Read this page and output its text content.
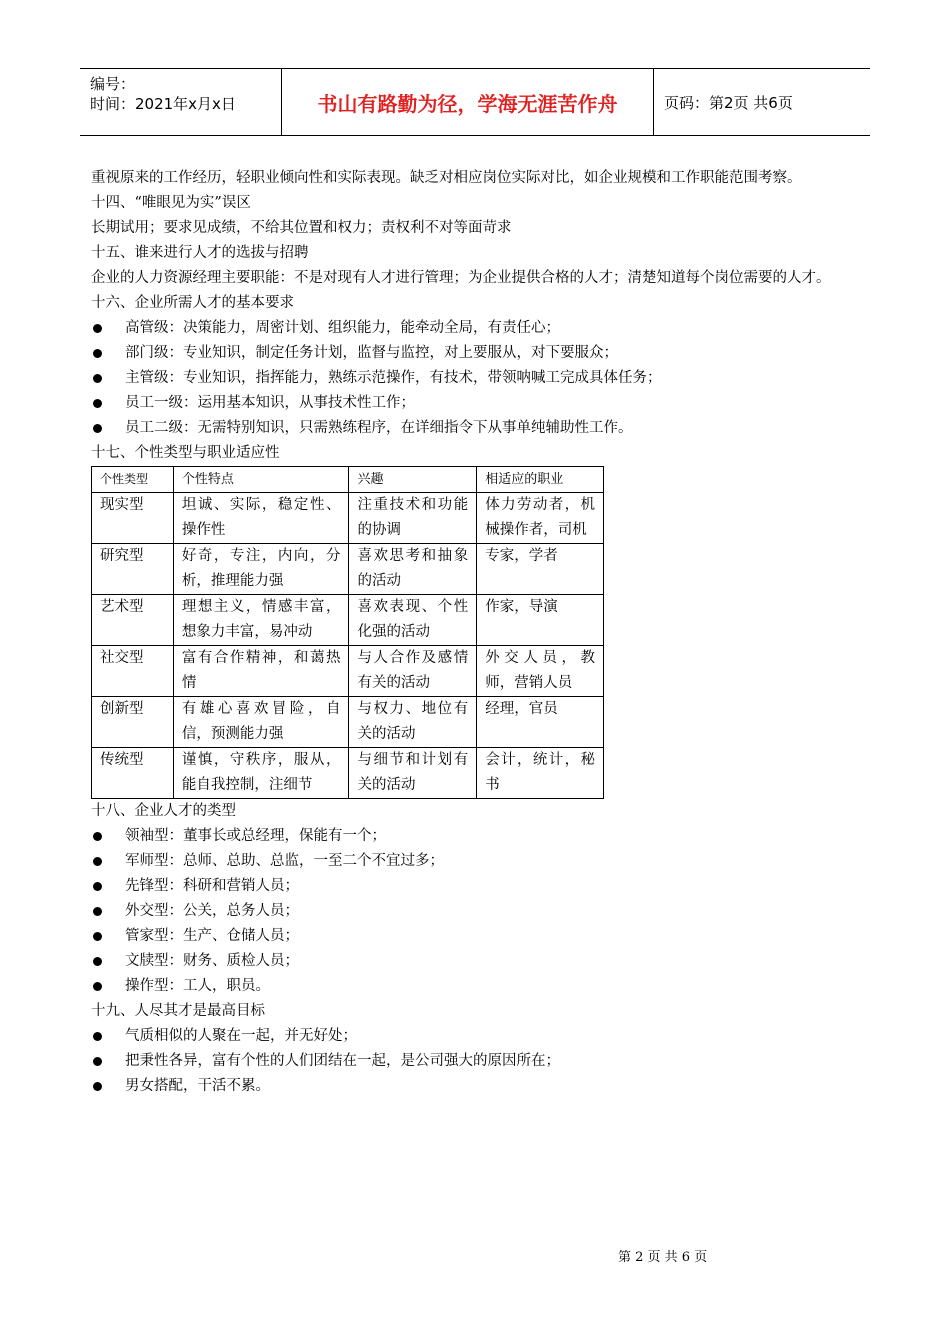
编号：
时间：2021年x月x日	书山有路勤为径，学海无涯苦作舟	页码：第2页 共6页

重视原来的工作经历，轻职业倾向性和实际表现。缺乏对相应岗位实际对比，如企业规模和工作职能范围考察。

十四、“唯眼见为实”误区

长期试用；要求见成绩，不给其位置和权力；责权利不对等面苛求

十五、谁来进行人才的选拔与招聘

企业的人力资源经理主要职能：不是对现有人才进行管理；为企业提供合格的人才；清楚知道每个岗位需要的人才。

十六、企业所需人才的基本要求

高管级：决策能力，周密计划、组织能力，能牵动全局，有责任心；
部门级：专业知识，制定任务计划，监督与监控，对上要服从，对下要服众；
主管级：专业知识，指挥能力，熟练示范操作，有技术，带领呐喊工完成具体任务；
员工一级：运用基本知识，从事技术性工作；
员工二级：无需特别知识，只需熟练程序，在详细指令下从事单纯辅助性工作。

十七、个性类型与职业适应性

个性类型	个性特点	兴趣	相适应的职业
现实型	坦诚、实际，稳定性、操作性	注重技术和功能的协调	体力劳动者，机械操作者，司机
研究型	好奇，专注，内向，分析，推理能力强	喜欢思考和抽象的活动	专家，学者
艺术型	理想主义，情感丰富，想象力丰富，易冲动	喜欢表现、个性化强的活动	作家，导演
社交型	富有合作精神，和蔼热情	与人合作及感情有关的活动	外交人员，教师，营销人员
创新型	有雄心喜欢冒险，自信，预测能力强	与权力、地位有关的活动	经理，官员
传统型	谨慎，守秩序，服从，能自我控制，注细节	与细节和计划有关的活动	会计，统计，秘书

十八、企业人才的类型

领袖型：董事长或总经理，保能有一个；
军师型：总师、总助、总监，一至二个不宜过多；
先锋型：科研和营销人员；
外交型：公关，总务人员；
管家型：生产、仓储人员；
文牍型：财务、质检人员；
操作型：工人，职员。

十九、人尽其才是最高目标

气质相似的人聚在一起，并无好处；
把秉性各异，富有个性的人们团结在一起，是公司强大的原因所在；
男女搭配，干活不累。
第 2 页 共 6 页
